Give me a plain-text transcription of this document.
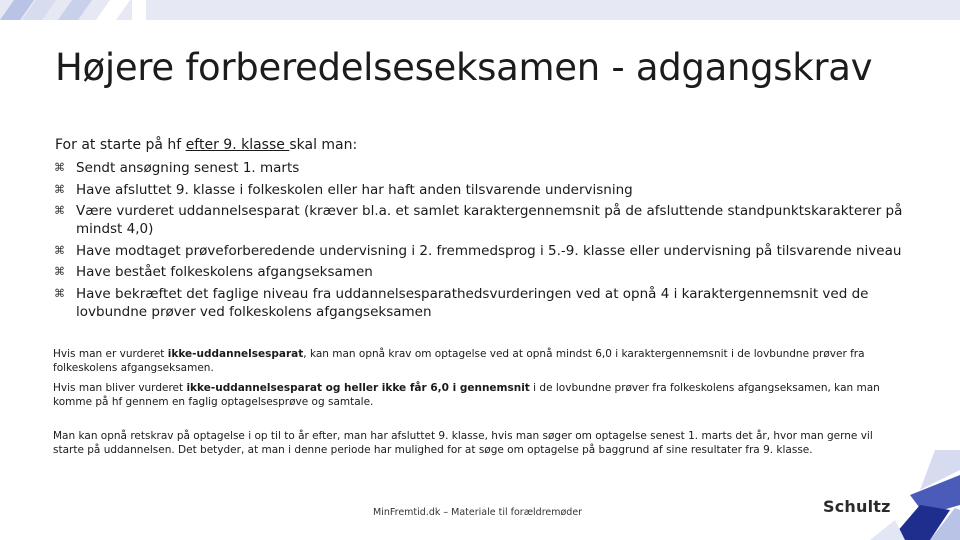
Højere forberedelseseksamen - adgangskrav
For at starte på hf efter 9. klasse skal man:
⌘ Sendt ansøgning senest 1. marts
⌘ Have afsluttet 9. klasse i folkeskolen eller har haft anden tilsvarende undervisning
⌘ Være vurderet uddannelsesparat (kræver bl.a. et samlet karaktergennemsnit på de afsluttende standpunktskarakterer på mindst 4,0)
⌘ Have modtaget prøveforberedende undervisning i 2. fremmedsprog i 5.-9. klasse eller undervisning på tilsvarende niveau
⌘ Have bestået folkeskolens afgangseksamen
⌘ Have bekræftet det faglige niveau fra uddannelsesparathedsvurderingen ved at opnå 4 i karaktergennemsnit ved de lovbundne prøver ved folkeskolens afgangseksamen
Hvis man er vurderet ikke-uddannelsesparat, kan man opnå krav om optagelse ved at opnå mindst 6,0 i karaktergennemsnit i de lovbundne prøver fra folkeskolens afgangseksamen.
Hvis man bliver vurderet ikke-uddannelsesparat og heller ikke får 6,0 i gennemsnit i de lovbundne prøver fra folkeskolens afgangseksamen, kan man komme på hf gennem en faglig optagelsesprøve og samtale.
Man kan opnå retskrav på optagelse i op til to år efter, man har afsluttet 9. klasse, hvis man søger om optagelse senest 1. marts det år, hvor man gerne vil starte på uddannelsen. Det betyder, at man i denne periode har mulighed for at søge om optagelse på baggrund af sine resultater fra 9. klasse.
MinFremtid.dk – Materiale til forældremøder	Schultz
